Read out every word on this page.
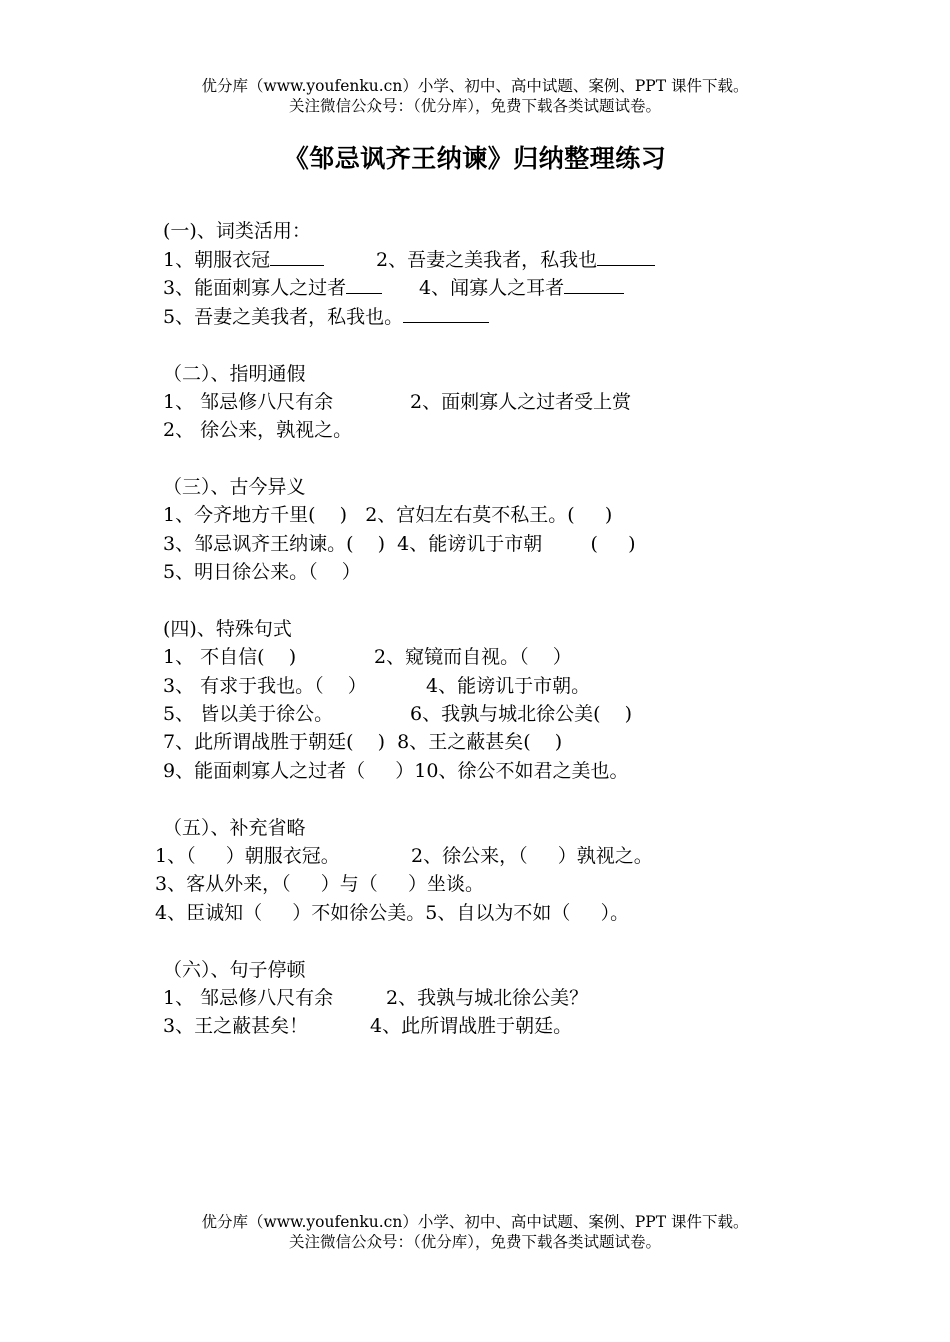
优分库（www.youfenku.cn）小学、初中、高中试题、案例、PPT 课件下载。
关注微信公众号：（优分库），免费下载各类试题试卷。
《邹忌讽齐王纳谏》归纳整理练习
(一)、词类活用：
1、朝服衣冠	2、吾妻之美我者，私我也
3、能面刺寡人之过者	4、闻寡人之耳者
5、吾妻之美我者，私我也。
（二）、指明通假
1、 邹忌修八尺有余	2、面刺寡人之过者受上赏
2、 徐公来，孰视之。
（三）、古今异义
1、今齐地方千里(    )   2、宫妇左右莫不私王。(     )
3、邹忌讽齐王纳谏。(    )  4、能谤讥于市朝        (     )
5、明日徐公来。（    ）
(四)、特殊句式
1、 不自信(    )	2、窥镜而自视。（    ）
3、 有求于我也。（    ）	4、能谤讥于市朝。
5、 皆以美于徐公。	6、我孰与城北徐公美(    )
7、此所谓战胜于朝廷(    )  8、王之蔽甚矣(    )
9、能面刺寡人之过者（     ）10、徐公不如君之美也。
（五）、补充省略
1、（     ）朝服衣冠。	2、徐公来，（     ）孰视之。
3、客从外来，（     ）与（     ）坐谈。
4、臣诚知（     ）不如徐公美。5、自以为不如（     ）。
（六）、句子停顿
1、 邹忌修八尺有余	2、我孰与城北徐公美？
3、王之蔽甚矣！	4、此所谓战胜于朝廷。
优分库（www.youfenku.cn）小学、初中、高中试题、案例、PPT 课件下载。
关注微信公众号：（优分库），免费下载各类试题试卷。
